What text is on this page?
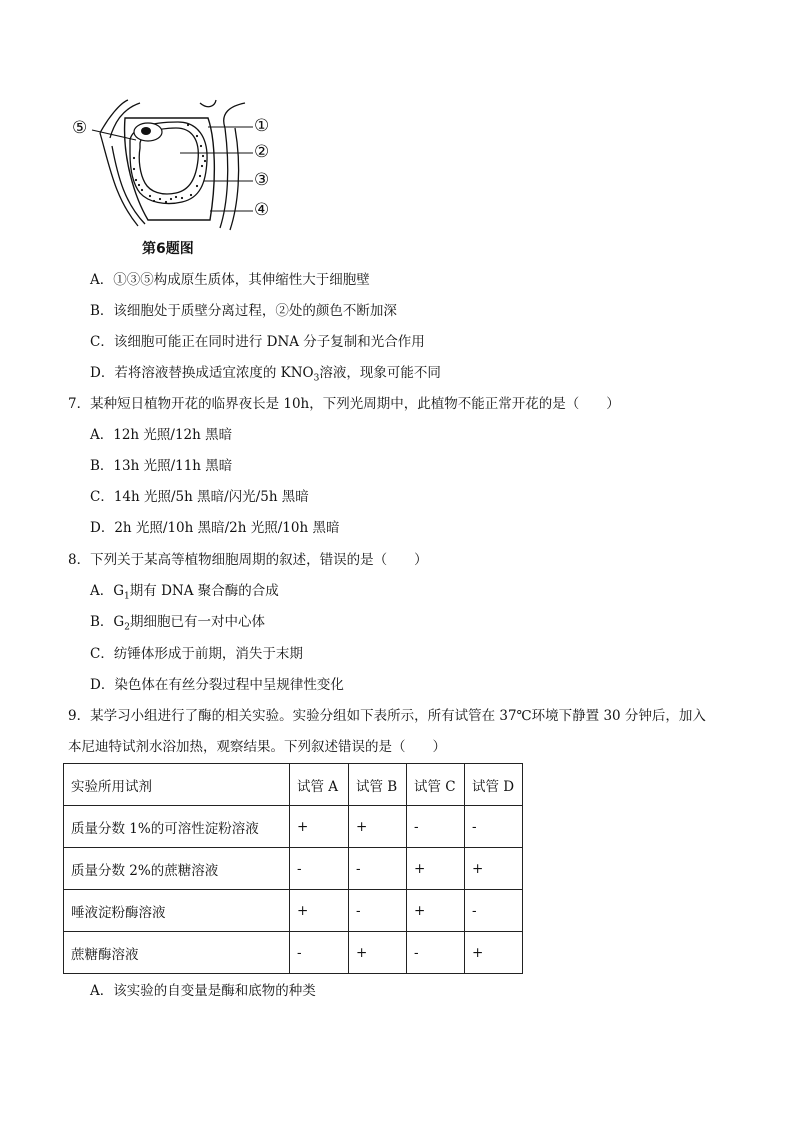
⑤	①
②
③
④
第6题图
A．①③⑤构成原生质体，其伸缩性大于细胞壁
B．该细胞处于质壁分离过程，②处的颜色不断加深
C．该细胞可能正在同时进行 DNA 分子复制和光合作用
D．若将溶液替换成适宜浓度的 $KNO_3$溶液，现象可能不同
7．某种短日植物开花的临界夜长是 10h，下列光周期中，此植物不能正常开花的是（　　）
A．12h 光照/12h 黑暗
B．13h 光照/11h 黑暗
C．14h 光照/5h 黑暗/闪光/5h 黑暗
D．2h 光照/10h 黑暗/2h 光照/10h 黑暗
8．下列关于某高等植物细胞周期的叙述，错误的是（　　）
A．$G_1$期有 DNA 聚合酶的合成
B．$G_2$期细胞已有一对中心体
C．纺锤体形成于前期，消失于末期
D．染色体在有丝分裂过程中呈规律性变化
9．某学习小组进行了酶的相关实验。实验分组如下表所示，所有试管在 37℃环境下静置 30 分钟后，加入
本尼迪特试剂水浴加热，观察结果。下列叙述错误的是（　　）
实验所用试剂	试管 A	试管 B	试管 C	试管 D
质量分数 1%的可溶性淀粉溶液	+	+	-	-
质量分数 2%的蔗糖溶液	-	-	+	+
唾液淀粉酶溶液	+	-	+	-
蔗糖酶溶液	-	+	-	+
A．该实验的自变量是酶和底物的种类
